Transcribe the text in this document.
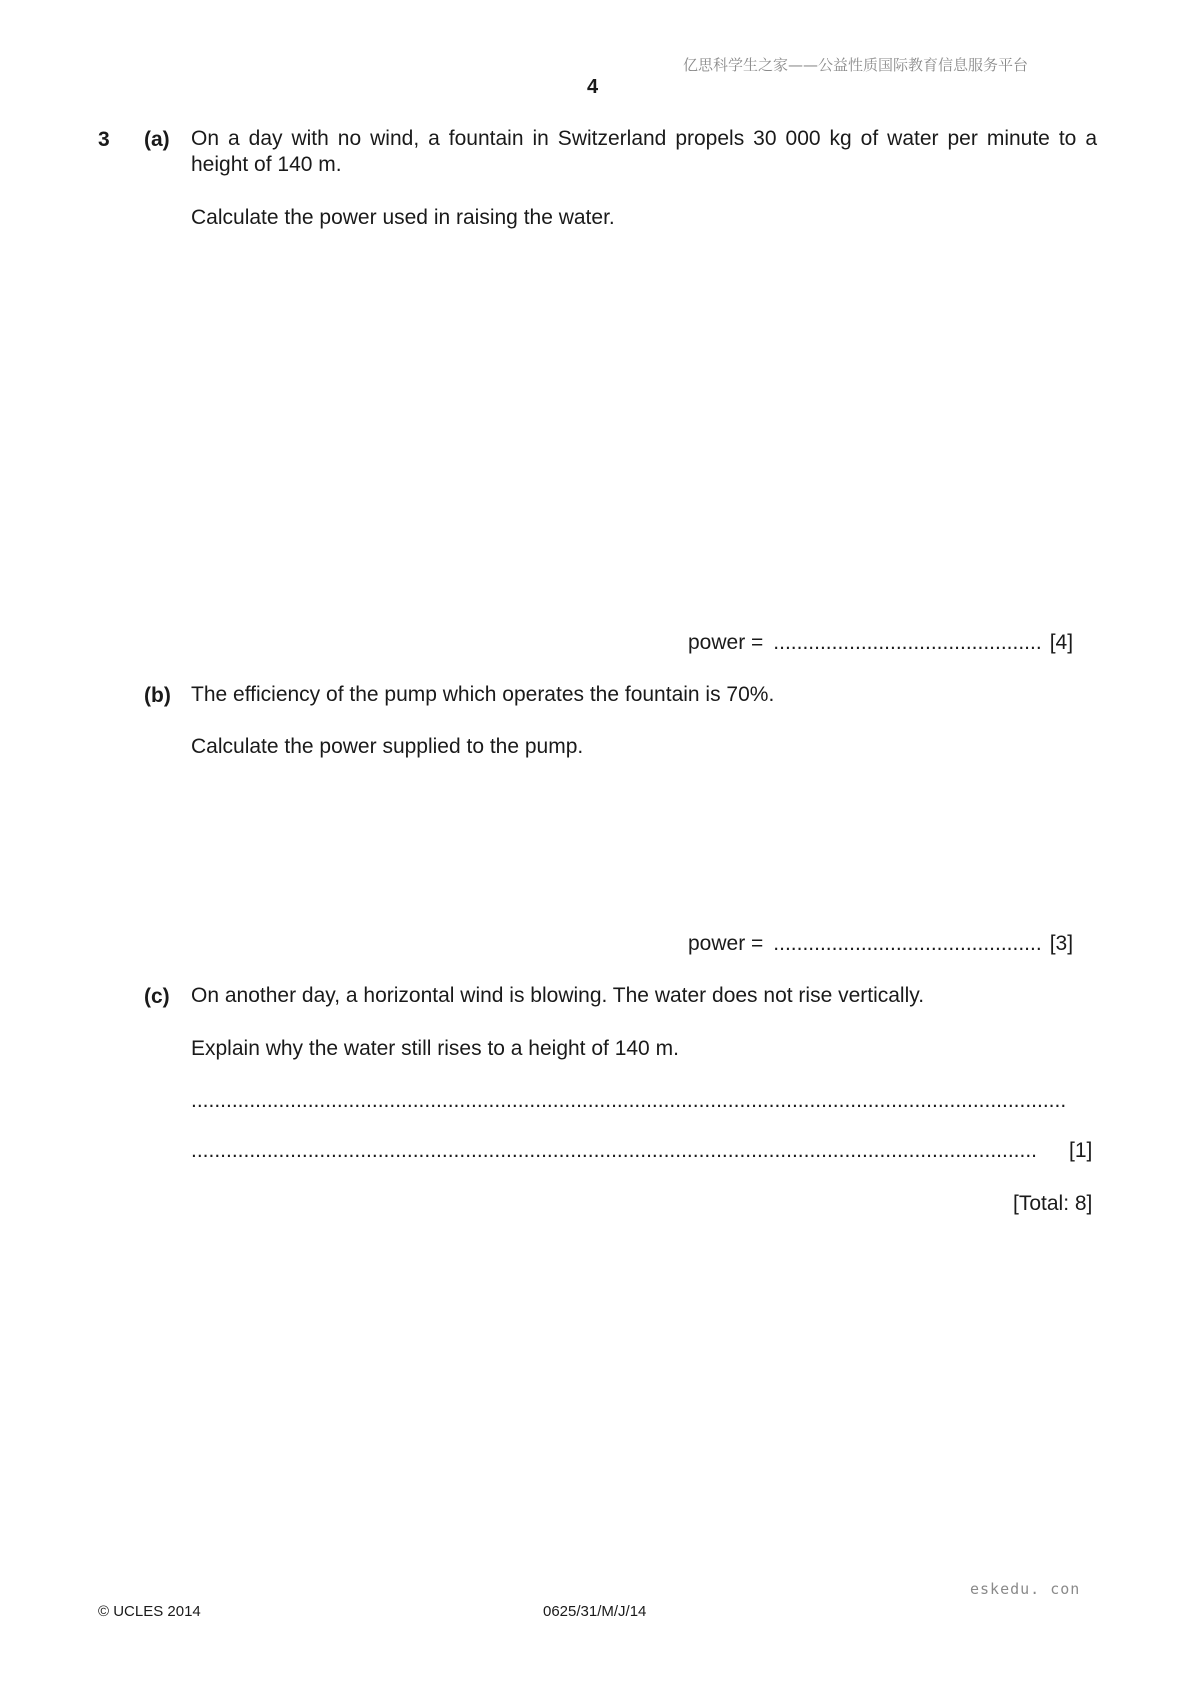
亿思科学生之家——公益性质国际教育信息服务平台
4
3 (a) On a day with no wind, a fountain in Switzerland propels 30 000 kg of water per minute to a height of 140 m.
Calculate the power used in raising the water.
power = .............................................. [4]
(b) The efficiency of the pump which operates the fountain is 70%.
Calculate the power supplied to the pump.
power = .............................................. [3]
(c) On another day, a horizontal wind is blowing. The water does not rise vertically.
Explain why the water still rises to a height of 140 m.
......................................................................................................................................................
.................................................................................................................................................	[1]
[Total: 8]
eskedu. con
© UCLES 2014	0625/31/M/J/14
